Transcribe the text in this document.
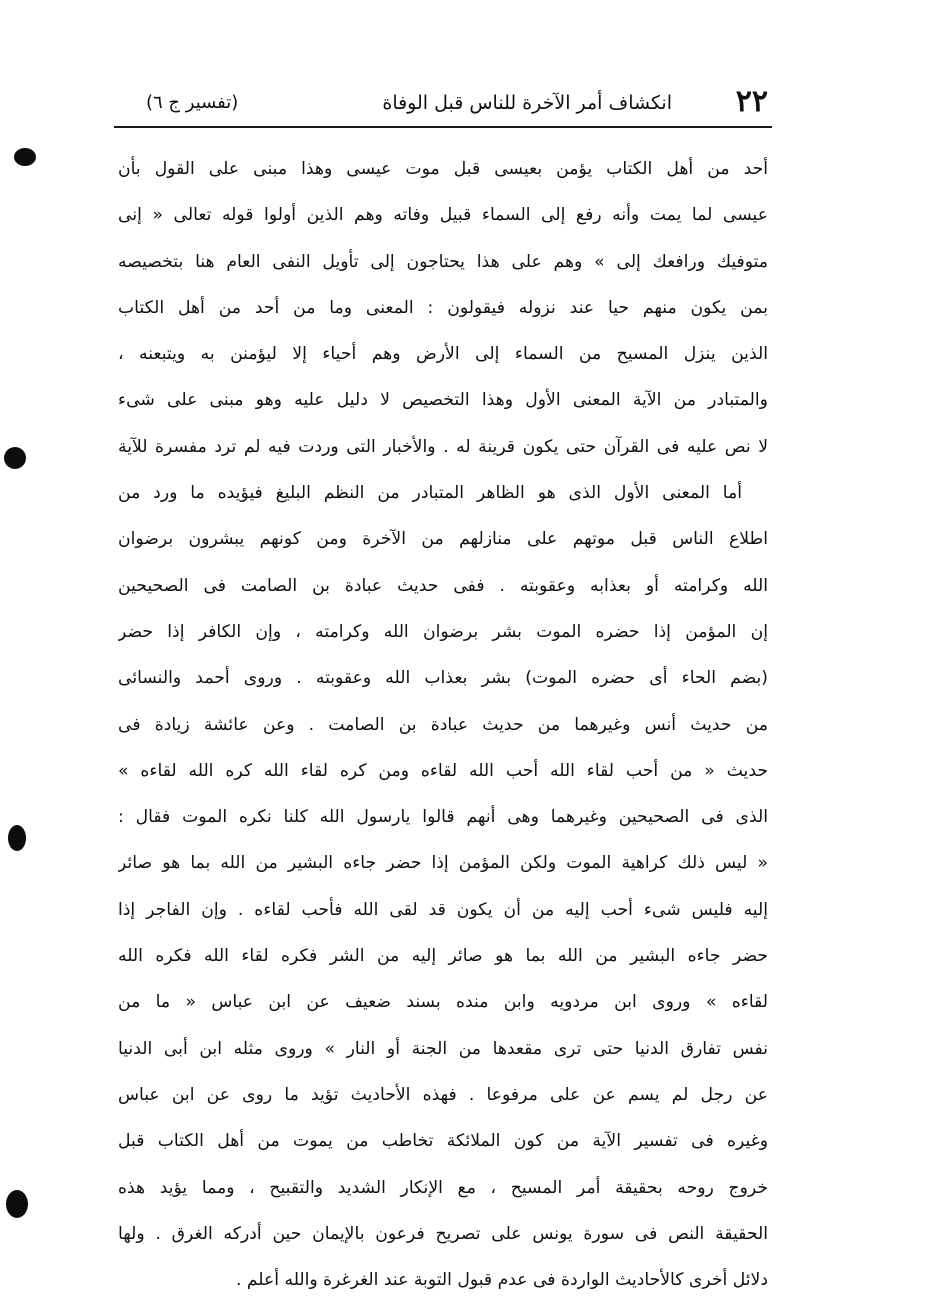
٢٢
انكشاف أمر الآخرة للناس قبل الوفاة
(تفسير ج ٦)
أحد من أهل الكتاب يؤمن بعيسى قبل موت عيسى وهذا مبنى على القول بأن
عيسى لما يمت وأنه رفع إلى السماء قبيل وفاته وهم الذين أولوا قوله تعالى « إنى
متوفيك ورافعك إلى » وهم على هذا يحتاجون إلى تأويل النفى العام هنا بتخصيصه
بمن يكون منهم حيا عند نزوله فيقولون : المعنى وما من أحد من أهل الكتاب
الذين ينزل المسيح من السماء إلى الأرض وهم أحياء إلا ليؤمنن به ويتبعنه ،
والمتبادر من الآية المعنى الأول وهذا التخصيص لا دليل عليه وهو مبنى على شىء
لا نص عليه فى القرآن حتى يكون قرينة له . والأخبار التى وردت فيه لم ترد مفسرة للآية
أما المعنى الأول الذى هو الظاهر المتبادر من النظم البليغ فيؤيده ما ورد من
اطلاع الناس قبل موتهم على منازلهم من الآخرة ومن كونهم يبشرون برضوان
الله وكرامته أو بعذابه وعقوبته . ففى حديث عبادة بن الصامت فى الصحيحين
إن المؤمن إذا حضره الموت بشر برضوان الله وكرامته ، وإن الكافر إذا حضر
(بضم الحاء أى حضره الموت) بشر بعذاب الله وعقوبته . وروى أحمد والنسائى
من حديث أنس وغيرهما من حديث عبادة بن الصامت . وعن عائشة زيادة فى
حديث « من أحب لقاء الله أحب الله لقاءه ومن كره لقاء الله كره الله لقاءه »
الذى فى الصحيحين وغيرهما وهى أنهم قالوا يارسول الله كلنا نكره الموت فقال :
« ليس ذلك كراهية الموت ولكن المؤمن إذا حضر جاءه البشير من الله بما هو صائر
إليه فليس شىء أحب إليه من أن يكون قد لقى الله فأحب لقاءه . وإن الفاجر إذا
حضر جاءه البشير من الله بما هو صائر إليه من الشر فكره لقاء الله فكره الله
لقاءه » وروى ابن مردويه وابن منده بسند ضعيف عن ابن عباس « ما من
نفس تفارق الدنيا حتى ترى مقعدها من الجنة أو النار » وروى مثله ابن أبى الدنيا
عن رجل لم يسم عن على مرفوعا . فهذه الأحاديث تؤيد ما روى عن ابن عباس
وغيره فى تفسير الآية من كون الملائكة تخاطب من يموت من أهل الكتاب قبل
خروج روحه بحقيقة أمر المسيح ، مع الإنكار الشديد والتقبيح ، ومما يؤيد هذه
الحقيقة النص فى سورة يونس على تصريح فرعون بالإيمان حين أدركه الغرق . ولها
دلائل أخرى كالأحاديث الواردة فى عدم قبول التوبة عند الغرغرة والله أعلم .
